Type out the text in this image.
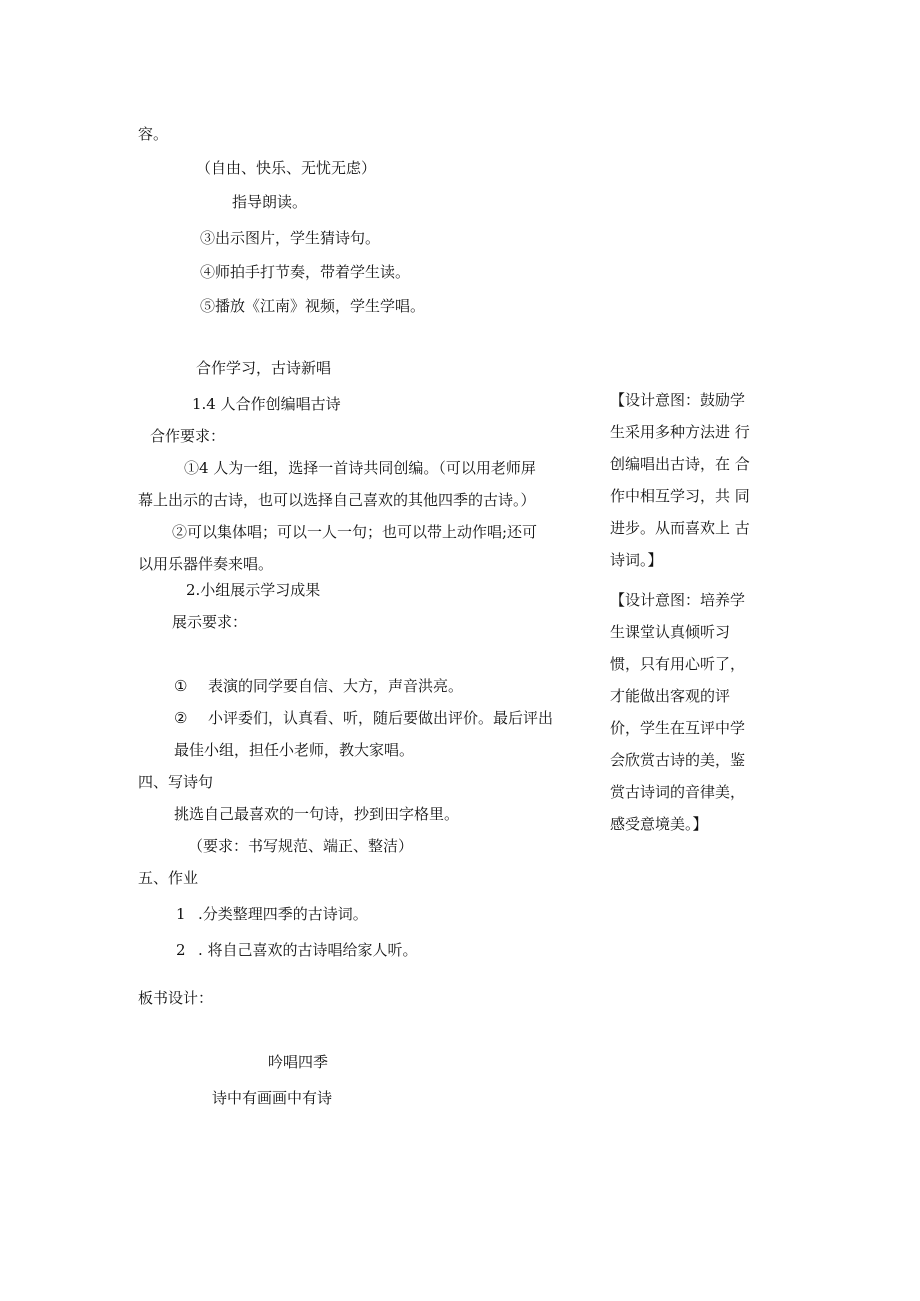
容。
（自由、快乐、无忧无虑）
指导朗读。
③出示图片，学生猜诗句。
④师拍手打节奏，带着学生读。
⑤播放《江南》视频，学生学唱。
合作学习，古诗新唱
1.4 人合作创编唱古诗
合作要求：
①4 人为一组，选择一首诗共同创编。（可以用老师屏
幕上出示的古诗，也可以选择自己喜欢的其他四季的古诗。）
②可以集体唱；可以一人一句；也可以带上动作唱;还可
以用乐器伴奏来唱。
2.小组展示学习成果
展示要求：
① 表演的同学要自信、大方，声音洪亮。
② 小评委们，认真看、听，随后要做出评价。最后评出
最佳小组，担任小老师，教大家唱。
四、写诗句
挑选自己最喜欢的一句诗，抄到田字格里。
（要求：书写规范、端正、整洁）
五、作业
1 .分类整理四季的古诗词。
2 . 将自己喜欢的古诗唱给家人听。
板书设计：
吟唱四季
诗中有画画中有诗
【设计意图：鼓励学
生采用多种方法进 行
创编唱出古诗，在 合
作中相互学习，共 同
进步。从而喜欢上 古
诗词。】
【设计意图：培养学
生课堂认真倾听习
惯，只有用心听了，
才能做出客观的评
价，学生在互评中学
会欣赏古诗的美，鉴
赏古诗词的音律美，
感受意境美。】
